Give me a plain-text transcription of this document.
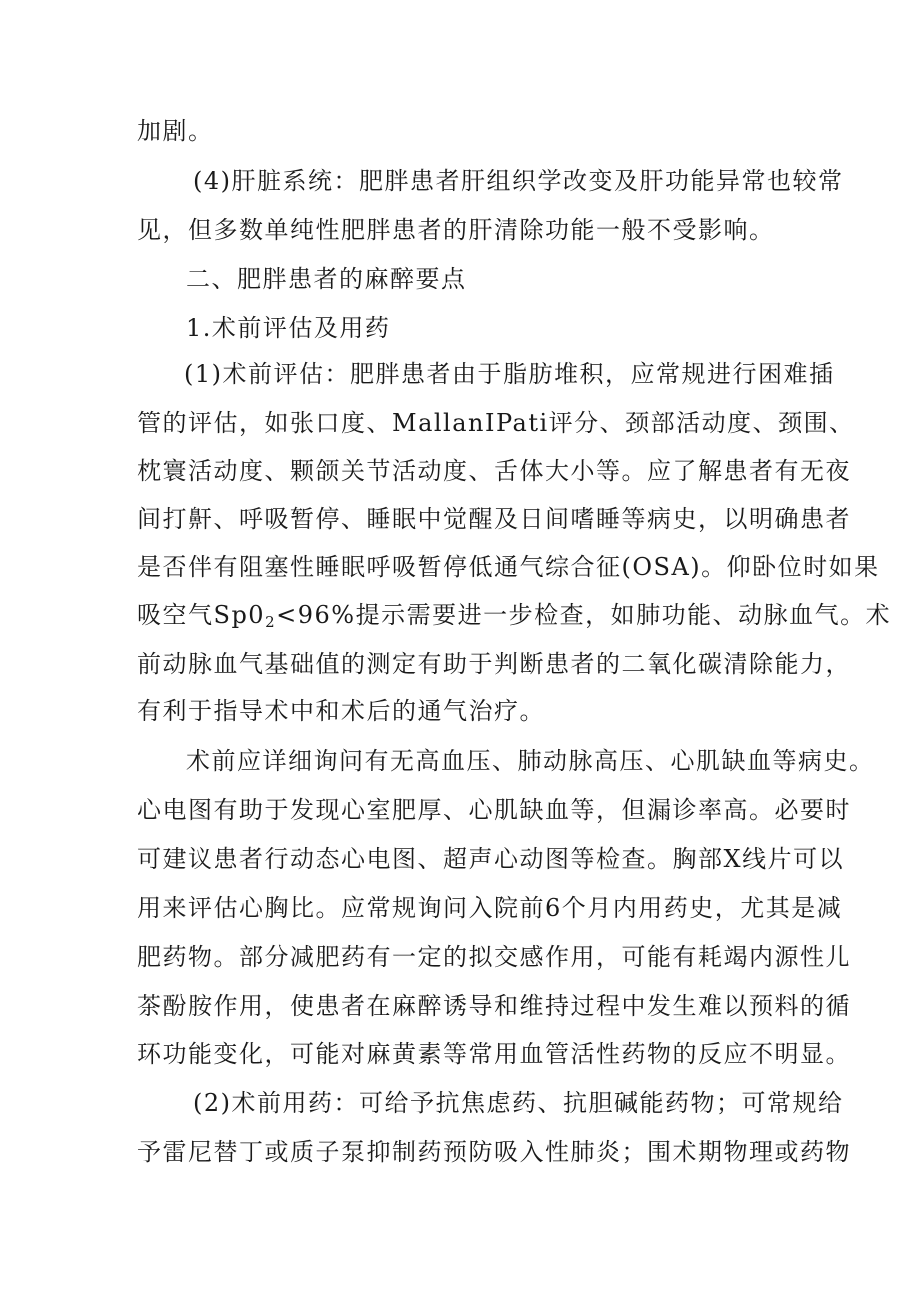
加剧。
(4)肝脏系统：肥胖患者肝组织学改变及肝功能异常也较常
见，但多数单纯性肥胖患者的肝清除功能一般不受影响。
二、肥胖患者的麻醉要点
1.术前评估及用药
(1)术前评估：肥胖患者由于脂肪堆积，应常规进行困难插
管的评估，如张口度、MallanIPati评分、颈部活动度、颈围、
枕寰活动度、颗颌关节活动度、舌体大小等。应了解患者有无夜
间打鼾、呼吸暂停、睡眠中觉醒及日间嗜睡等病史，以明确患者
是否伴有阻塞性睡眠呼吸暂停低通气综合征(OSA)。仰卧位时如果
吸空气$Sp0_2<96\%$提示需要进一步检查，如肺功能、动脉血气。术
前动脉血气基础值的测定有助于判断患者的二氧化碳清除能力，
有利于指导术中和术后的通气治疗。
术前应详细询问有无高血压、肺动脉高压、心肌缺血等病史。
心电图有助于发现心室肥厚、心肌缺血等，但漏诊率高。必要时
可建议患者行动态心电图、超声心动图等检查。胸部X线片可以
用来评估心胸比。应常规询问入院前6个月内用药史，尤其是减
肥药物。部分减肥药有一定的拟交感作用，可能有耗竭内源性儿
茶酚胺作用，使患者在麻醉诱导和维持过程中发生难以预料的循
环功能变化，可能对麻黄素等常用血管活性药物的反应不明显。
(2)术前用药：可给予抗焦虑药、抗胆碱能药物；可常规给
予雷尼替丁或质子泵抑制药预防吸入性肺炎；围术期物理或药物
